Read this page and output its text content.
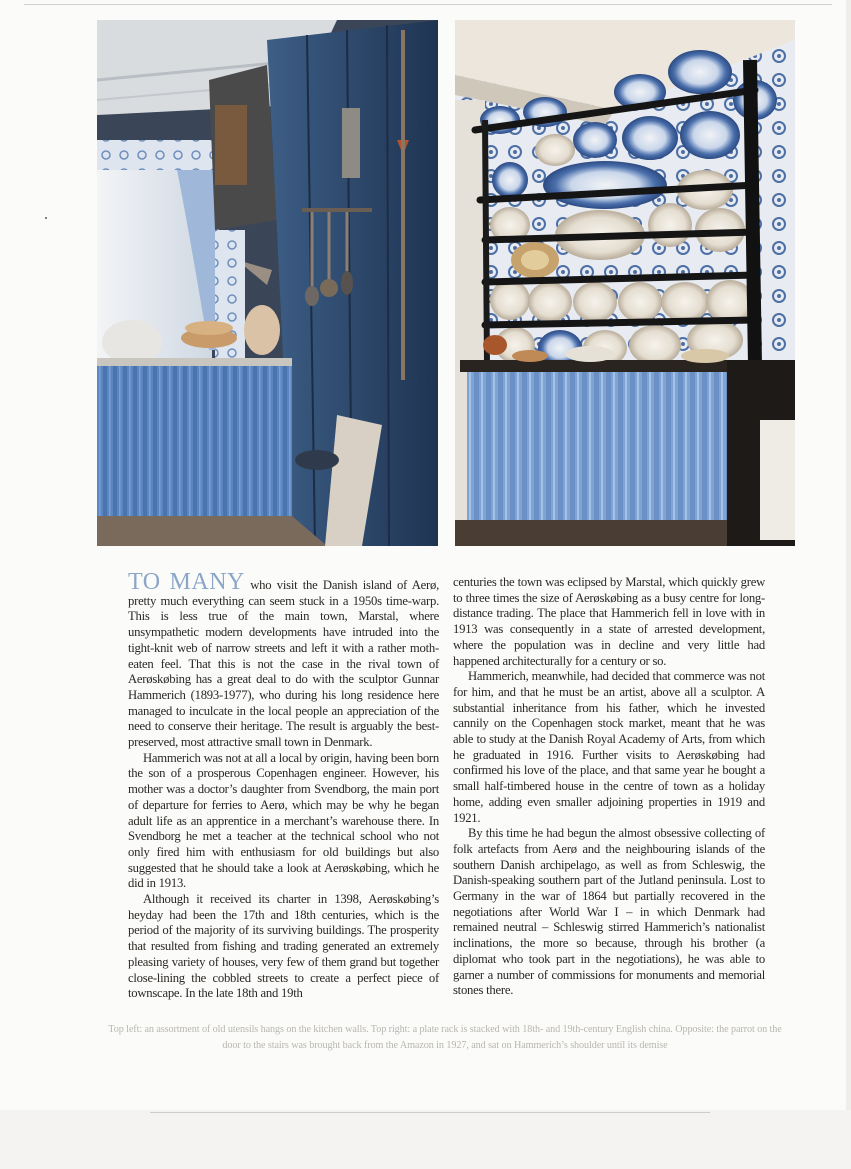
TO MANY who visit the Danish island of Aerø, pretty much everything can seem stuck in a 1950s time-warp. This is less true of the main town, Marstal, where unsympathetic modern developments have intruded into the tight-knit web of narrow streets and left it with a rather moth-eaten feel. That this is not the case in the rival town of Aerøskøbing has a great deal to do with the sculptor Gunnar Hammerich (1893-1977), who during his long residence here managed to inculcate in the local people an appreciation of the need to conserve their heritage. The result is arguably the best-preserved, most attractive small town in Denmark.

Hammerich was not at all a local by origin, having been born the son of a prosperous Copenhagen engineer. However, his mother was a doctor’s daughter from Svendborg, the main port of departure for ferries to Aerø, which may be why he began adult life as an apprentice in a merchant’s warehouse there. In Svendborg he met a teacher at the technical school who not only fired him with enthusiasm for old buildings but also suggested that he should take a look at Aerøskøbing, which he did in 1913.

Although it received its charter in 1398, Aerøskøbing’s heyday had been the 17th and 18th centuries, which is the period of the majority of its surviving buildings. The prosperity that resulted from fishing and trading generated an extremely pleasing variety of houses, very few of them grand but together close-lining the cobbled streets to create a perfect piece of townscape. In the late 18th and 19th

centuries the town was eclipsed by Marstal, which quickly grew to three times the size of Aerøskøbing as a busy centre for long-distance trading. The place that Hammerich fell in love with in 1913 was consequently in a state of arrested development, where the population was in decline and very little had happened architecturally for a century or so.

Hammerich, meanwhile, had decided that commerce was not for him, and that he must be an artist, above all a sculptor. A substantial inheritance from his father, which he invested cannily on the Copenhagen stock market, meant that he was able to study at the Danish Royal Academy of Arts, from which he graduated in 1916. Further visits to Aerøskøbing had confirmed his love of the place, and that same year he bought a small half-timbered house in the centre of town as a holiday home, adding even smaller adjoining properties in 1919 and 1921.

By this time he had begun the almost obsessive collecting of folk artefacts from Aerø and the neighbouring islands of the southern Danish archipelago, as well as from Schleswig, the Danish-speaking southern part of the Jutland peninsula. Lost to Germany in the war of 1864 but partially recovered in the negotiations after World War I – in which Denmark had remained neutral – Schleswig stirred Hammerich’s nationalist inclinations, the more so because, through his brother (a diplomat who took part in the negotiations), he was able to garner a number of commissions for monuments and memorial stones there.

Top left: an assortment of old utensils hangs on the kitchen walls. Top right: a plate rack is stacked with 18th- and 19th-century English china. Opposite: the parrot on the door to the stairs was brought back from the Amazon in 1927, and sat on Hammerich’s shoulder until its demise
